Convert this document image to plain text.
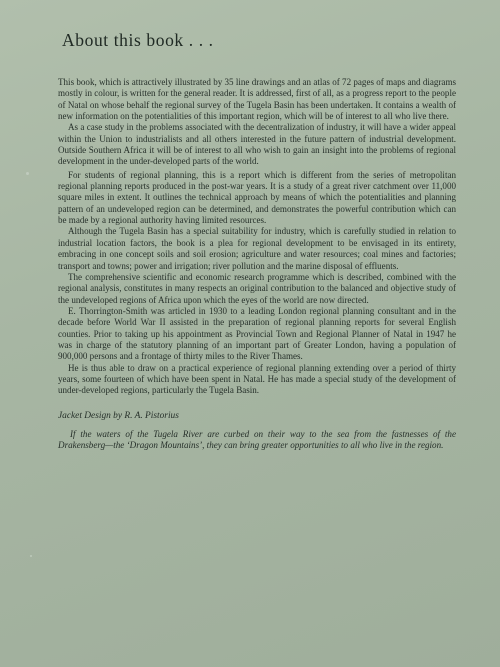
About this book . . .

This book, which is attractively illustrated by 35 line drawings and an atlas of 72 pages of maps and diagrams mostly in colour, is written for the general reader. It is addressed, first of all, as a progress report to the people of Natal on whose behalf the regional survey of the Tugela Basin has been undertaken. It contains a wealth of new information on the potentialities of this important region, which will be of interest to all who live there.

As a case study in the problems associated with the decentralization of industry, it will have a wider appeal within the Union to industrialists and all others interested in the future pattern of industrial development. Outside Southern Africa it will be of interest to all who wish to gain an insight into the problems of regional development in the under-developed parts of the world.

For students of regional planning, this is a report which is different from the series of metropolitan regional planning reports produced in the post-war years. It is a study of a great river catchment over 11,000 square miles in extent. It outlines the technical approach by means of which the potentialities and planning pattern of an undeveloped region can be determined, and demonstrates the powerful contribution which can be made by a regional authority having limited resources.

Although the Tugela Basin has a special suitability for industry, which is carefully studied in relation to industrial location factors, the book is a plea for regional development to be envisaged in its entirety, embracing in one concept soils and soil erosion; agriculture and water resources; coal mines and factories; transport and towns; power and irrigation; river pollution and the marine disposal of effluents.

The comprehensive scientific and economic research programme which is described, combined with the regional analysis, constitutes in many respects an original contribution to the balanced and objective study of the undeveloped regions of Africa upon which the eyes of the world are now directed.

E. Thorrington-Smith was articled in 1930 to a leading London regional planning consultant and in the decade before World War II assisted in the preparation of regional planning reports for several English counties. Prior to taking up his appointment as Provincial Town and Regional Planner of Natal in 1947 he was in charge of the statutory planning of an important part of Greater London, having a population of 900,000 persons and a frontage of thirty miles to the River Thames.

He is thus able to draw on a practical experience of regional planning extending over a period of thirty years, some fourteen of which have been spent in Natal. He has made a special study of the development of under-developed regions, particularly the Tugela Basin.

Jacket Design by R. A. Pistorius

If the waters of the Tugela River are curbed on their way to the sea from the fastnesses of the Drakensberg—the ‘Dragon Mountains’, they can bring greater opportunities to all who live in the region.
